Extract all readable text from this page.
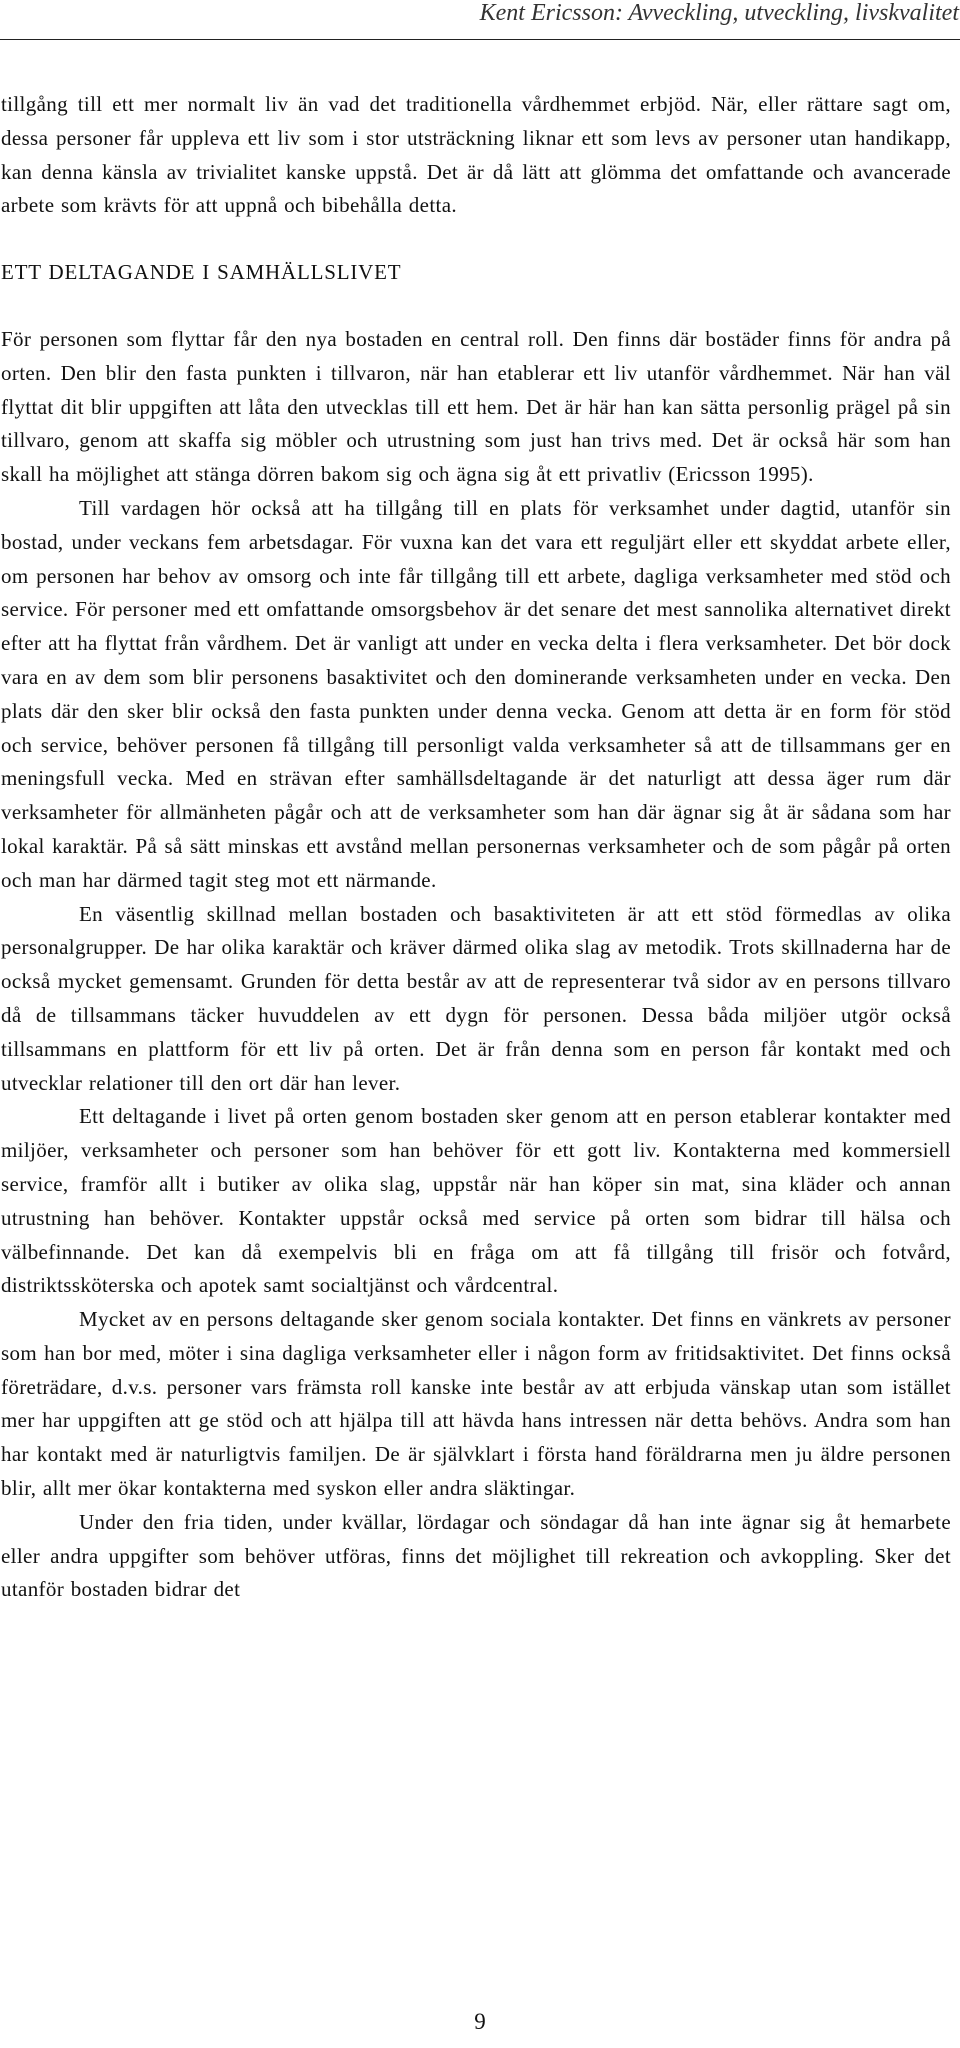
Kent Ericsson: Avveckling, utveckling, livskvalitet

tillgång till ett mer normalt liv än vad det traditionella vårdhemmet erbjöd. När, eller rättare sagt om, dessa personer får uppleva ett liv som i stor utsträckning liknar ett som levs av personer utan handikapp, kan denna känsla av trivialitet kanske uppstå. Det är då lätt att glömma det omfattande och avancerade arbete som krävts för att uppnå och bibehålla detta.

ETT DELTAGANDE I SAMHÄLLSLIVET

För personen som flyttar får den nya bostaden en central roll. Den finns där bostäder finns för andra på orten. Den blir den fasta punkten i tillvaron, när han etablerar ett liv utanför vårdhemmet. När han väl flyttat dit blir uppgiften att låta den utvecklas till ett hem. Det är här han kan sätta personlig prägel på sin tillvaro, genom att skaffa sig möbler och utrustning som just han trivs med. Det är också här som han skall ha möjlighet att stänga dörren bakom sig och ägna sig åt ett privatliv (Ericsson 1995).

Till vardagen hör också att ha tillgång till en plats för verksamhet under dagtid, utanför sin bostad, under veckans fem arbetsdagar. För vuxna kan det vara ett reguljärt eller ett skyddat arbete eller, om personen har behov av omsorg och inte får tillgång till ett arbete, dagliga verksamheter med stöd och service. För personer med ett omfattande omsorgsbehov är det senare det mest sannolika alternativet direkt efter att ha flyttat från vårdhem. Det är vanligt att under en vecka delta i flera verksamheter. Det bör dock vara en av dem som blir personens basaktivitet och den dominerande verksamheten under en vecka. Den plats där den sker blir också den fasta punkten under denna vecka. Genom att detta är en form för stöd och service, behöver personen få tillgång till personligt valda verksamheter så att de tillsammans ger en meningsfull vecka. Med en strävan efter samhällsdeltagande är det naturligt att dessa äger rum där verksamheter för allmänheten pågår och att de verksamheter som han där ägnar sig åt är sådana som har lokal karaktär. På så sätt minskas ett avstånd mellan personernas verksamheter och de som pågår på orten och man har därmed tagit steg mot ett närmande.

En väsentlig skillnad mellan bostaden och basaktiviteten är att ett stöd förmedlas av olika personalgrupper. De har olika karaktär och kräver därmed olika slag av metodik. Trots skillnaderna har de också mycket gemensamt. Grunden för detta består av att de representerar två sidor av en persons tillvaro då de tillsammans täcker huvuddelen av ett dygn för personen. Dessa båda miljöer utgör också tillsammans en plattform för ett liv på orten. Det är från denna som en person får kontakt med och utvecklar relationer till den ort där han lever.

Ett deltagande i livet på orten genom bostaden sker genom att en person etablerar kontakter med miljöer, verksamheter och personer som han behöver för ett gott liv. Kontakterna med kommersiell service, framför allt i butiker av olika slag, uppstår när han köper sin mat, sina kläder och annan utrustning han behöver. Kontakter uppstår också med service på orten som bidrar till hälsa och välbefinnande. Det kan då exempelvis bli en fråga om att få tillgång till frisör och fotvård, distriktssköterska och apotek samt socialtjänst och vårdcentral.

Mycket av en persons deltagande sker genom sociala kontakter. Det finns en vänkrets av personer som han bor med, möter i sina dagliga verksamheter eller i någon form av fritidsaktivitet. Det finns också företrädare, d.v.s. personer vars främsta roll kanske inte består av att erbjuda vänskap utan som istället mer har uppgiften att ge stöd och att hjälpa till att hävda hans intressen när detta behövs. Andra som han har kontakt med är naturligtvis familjen. De är självklart i första hand föräldrarna men ju äldre personen blir, allt mer ökar kontakterna med syskon eller andra släktingar.

Under den fria tiden, under kvällar, lördagar och söndagar då han inte ägnar sig åt hemarbete eller andra uppgifter som behöver utföras, finns det möjlighet till rekreation och avkoppling. Sker det utanför bostaden bidrar det

9
